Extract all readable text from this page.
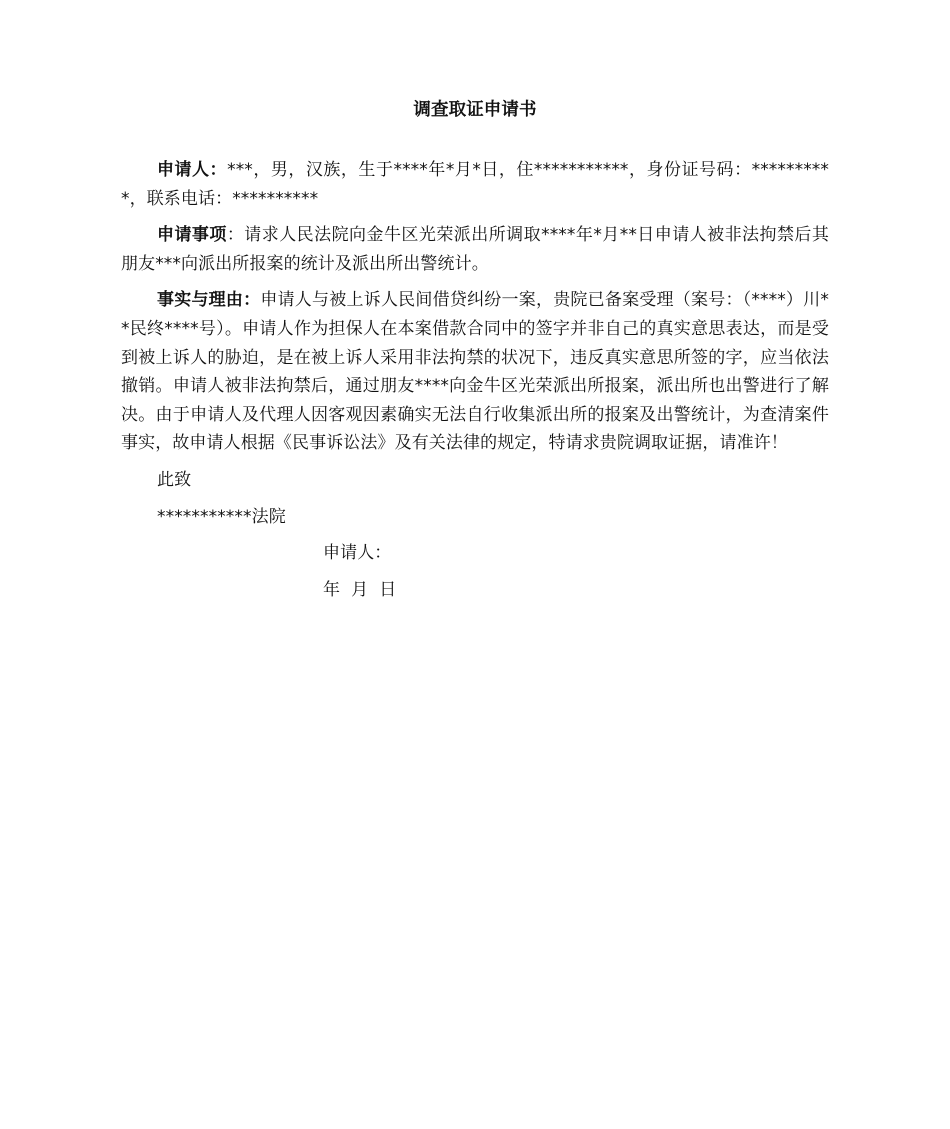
调查取证申请书

申请人：***，男，汉族，生于****年*月*日，住***********，身份证号码：**********，联系电话：**********

申请事项：请求人民法院向金牛区光荣派出所调取****年*月**日申请人被非法拘禁后其朋友***向派出所报案的统计及派出所出警统计。

事实与理由：申请人与被上诉人民间借贷纠纷一案，贵院已备案受理（案号：（****）川**民终****号）。申请人作为担保人在本案借款合同中的签字并非自己的真实意思表达，而是受到被上诉人的胁迫，是在被上诉人采用非法拘禁的状况下，违反真实意思所签的字，应当依法撤销。申请人被非法拘禁后，通过朋友****向金牛区光荣派出所报案，派出所也出警进行了解决。由于申请人及代理人因客观因素确实无法自行收集派出所的报案及出警统计，为查清案件事实，故申请人根据《民事诉讼法》及有关法律的规定，特请求贵院调取证据，请准许！

此致

***********法院

申请人：

年 月 日
